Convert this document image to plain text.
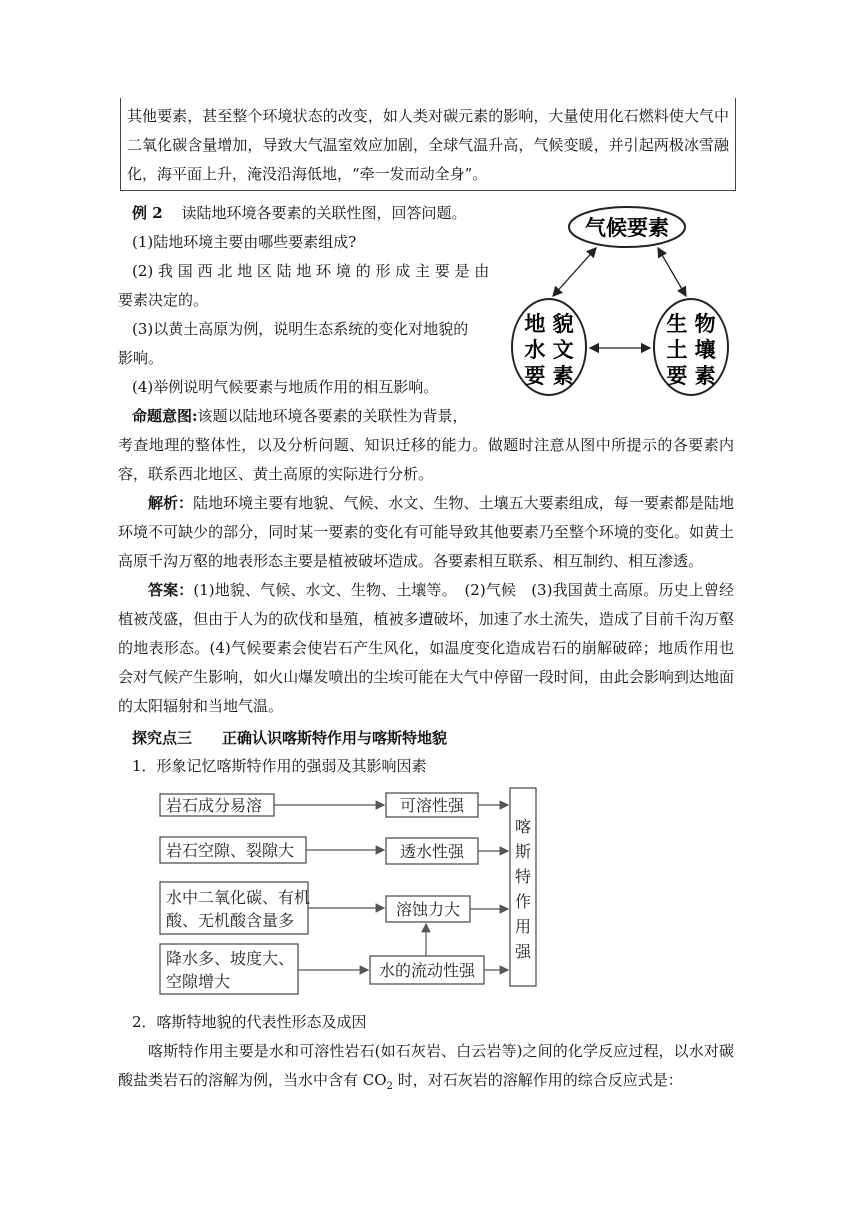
其他要素，甚至整个环境状态的改变，如人类对碳元素的影响，大量使用化石燃料使大气中二氧化碳含量增加，导致大气温室效应加剧，全球气温升高，气候变暖，并引起两极冰雪融化，海平面上升，淹没沿海低地，“牵一发而动全身”。

例 2 读陆地环境各要素的关联性图，回答问题。
(1)陆地环境主要由哪些要素组成?
(2) 我 国 西 北 地 区 陆 地 环 境 的 形 成 主 要 是 由
要素决定的。
(3)以黄土高原为例，说明生态系统的变化对地貌的
影响。
(4)举例说明气候要素与地质作用的相互影响。
命题意图:该题以陆地环境各要素的关联性为背景，

考查地理的整体性，以及分析问题、知识迁移的能力。做题时注意从图中所提示的各要素内容，联系西北地区、黄土高原的实际进行分析。

解析：陆地环境主要有地貌、气候、水文、生物、土壤五大要素组成，每一要素都是陆地环境不可缺少的部分，同时某一要素的变化有可能导致其他要素乃至整个环境的变化。如黄土高原千沟万壑的地表形态主要是植被破坏造成。各要素相互联系、相互制约、相互渗透。

答案：(1)地貌、气候、水文、生物、土壤等。　(2)气候　(3)我国黄土高原。历史上曾经植被茂盛，但由于人为的砍伐和垦殖，植被多遭破坏，加速了水土流失，造成了目前千沟万壑的地表形态。(4)气候要素会使岩石产生风化，如温度变化造成岩石的崩解破碎；地质作用也会对气候产生影响，如火山爆发喷出的尘埃可能在大气中停留一段时间，由此会影响到达地面的太阳辐射和当地气温。

气候要素
地 貌
水 文
要 素
生 物
土 壤
要 素
探究点三　　正确认识喀斯特作用与喀斯特地貌
1．形象记忆喀斯特作用的强弱及其影响因素
岩石成分易溶
岩石空隙、裂隙大
水中二氧化碳、有机
酸、无机酸含量多
降水多、坡度大、
空隙增大
可溶性强
透水性强
溶蚀力大
水的流动性强
喀
斯
特
作
用
强
2．喀斯特地貌的代表性形态及成因

喀斯特作用主要是水和可溶性岩石(如石灰岩、白云岩等)之间的化学反应过程，以水对碳酸盐类岩石的溶解为例，当水中含有 $CO_2$ 时，对石灰岩的溶解作用的综合反应式是：
